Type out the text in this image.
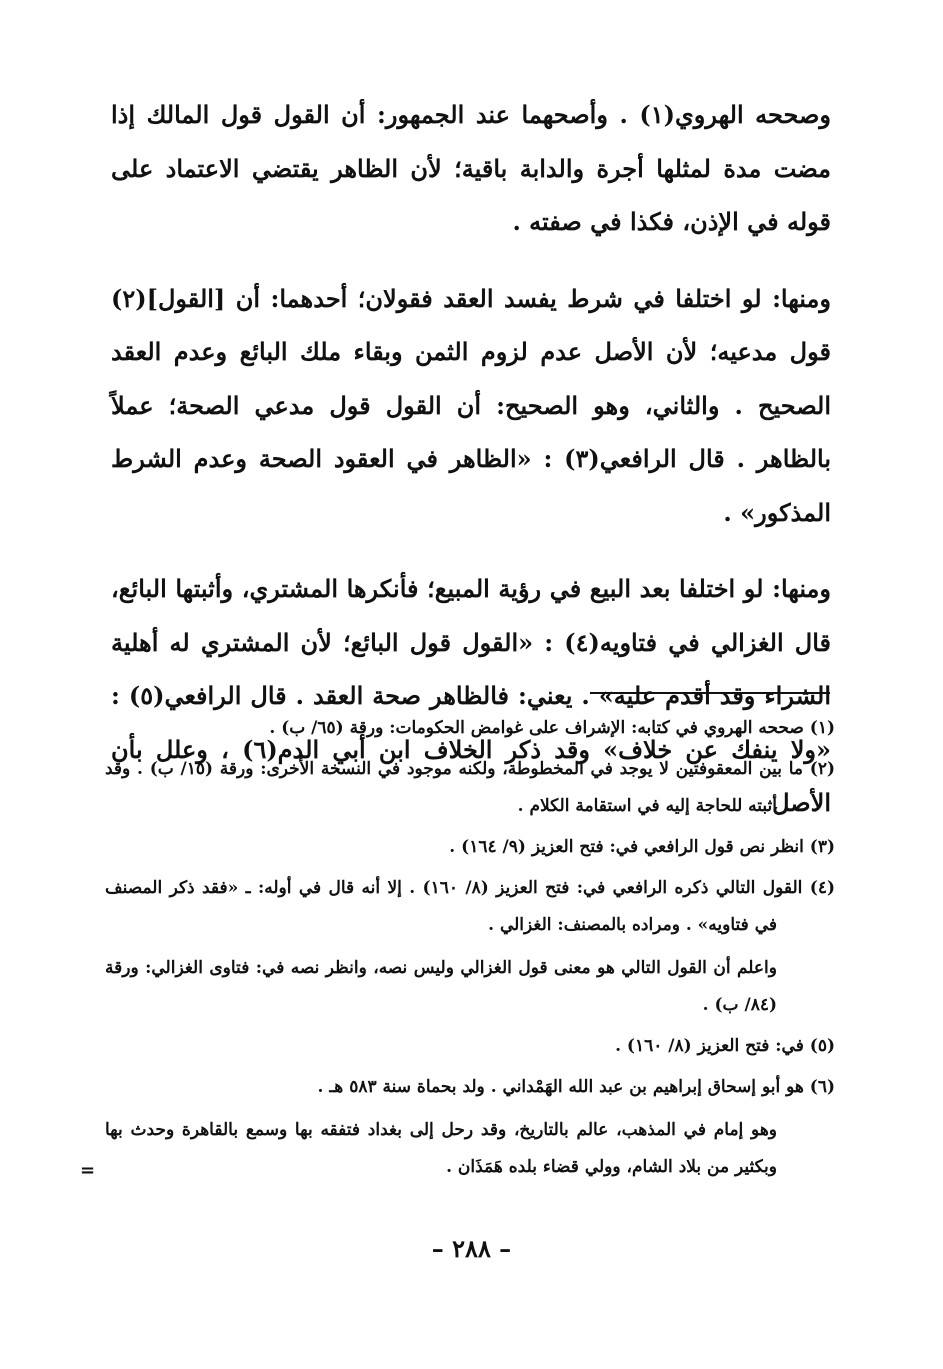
وصححه الهروي(١) . وأصحهما عند الجمهور: أن القول قول المالك إذا مضت مدة لمثلها أجرة والدابة باقية؛ لأن الظاهر يقتضي الاعتماد على قوله في الإذن، فكذا في صفته .

ومنها: لو اختلفا في شرط يفسد العقد فقولان؛ أحدهما: أن [القول](٢) قول مدعيه؛ لأن الأصل عدم لزوم الثمن وبقاء ملك البائع وعدم العقد الصحيح . والثاني، وهو الصحيح: أن القول قول مدعي الصحة؛ عملاً بالظاهر . قال الرافعي(٣) : «الظاهر في العقود الصحة وعدم الشرط المذكور» .

ومنها: لو اختلفا بعد البيع في رؤية المبيع؛ فأنكرها المشتري، وأثبتها البائع، قال الغزالي في فتاويه(٤) : «القول قول البائع؛ لأن المشتري له أهلية الشراء وقد أقدم عليه» . يعني: فالظاهر صحة العقد . قال الرافعي(٥) : «ولا ينفك عن خلاف» وقد ذكر الخلاف ابن أبي الدم(٦) ، وعلل بأن الأصل

(١) صححه الهروي في كتابه: الإشراف على غوامض الحكومات: ورقة (٦٥/ ب) .
(٢) ما بين المعقوفتين لا يوجد في المخطوطة، ولكنه موجود في النسخة الأخرى: ورقة (١٥/ ب) . وقد أثبته للحاجة إليه في استقامة الكلام .
(٣) انظر نص قول الرافعي في: فتح العزيز (٩/ ١٦٤) .
(٤) القول التالي ذكره الرافعي في: فتح العزيز (٨/ ١٦٠) . إلا أنه قال في أوله: ـ «فقد ذكر المصنف في فتاويه» . ومراده بالمصنف: الغزالي .
واعلم أن القول التالي هو معنى قول الغزالي وليس نصه، وانظر نصه في: فتاوى الغزالي: ورقة (٨٤/ ب) .
(٥) في: فتح العزيز (٨/ ١٦٠) .
(٦) هو أبو إسحاق إبراهيم بن عبد الله الهَمْداني . ولد بحماة سنة ٥٨٣ هـ .
وهو إمام في المذهب، عالم بالتاريخ، وقد رحل إلى بغداد فتفقه بها وسمع بالقاهرة وحدث بها وبكثير من بلاد الشام، وولي قضاء بلده هَمَذَان .
=
– ٢٨٨ –
